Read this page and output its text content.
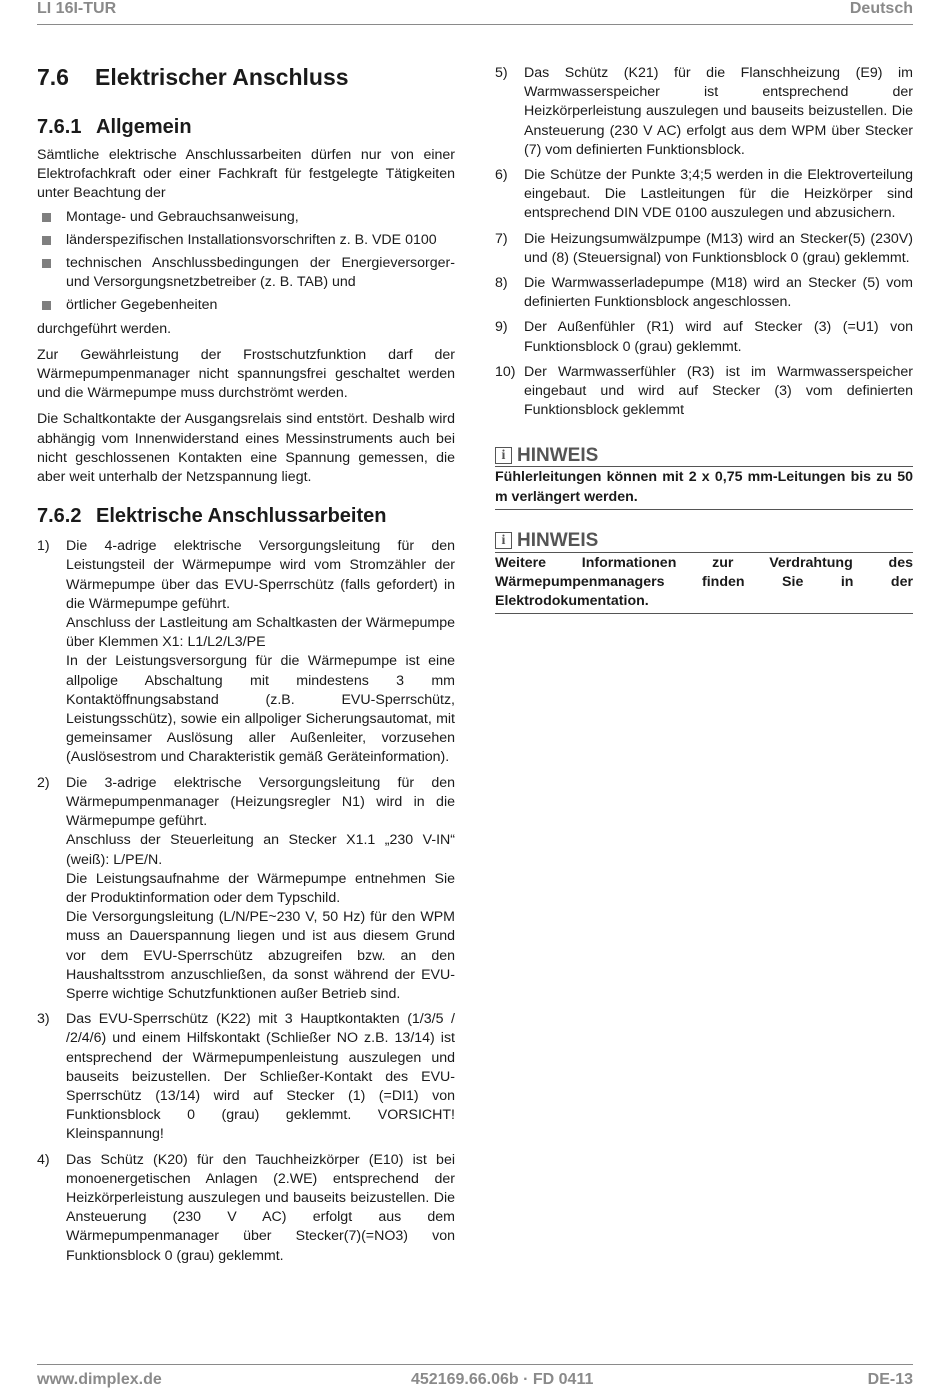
LI 16I-TUR	Deutsch
7.6 Elektrischer Anschluss
7.6.1 Allgemein

Sämtliche elektrische Anschlussarbeiten dürfen nur von einer Elektrofachkraft oder einer Fachkraft für festgelegte Tätigkeiten unter Beachtung der

Montage- und Gebrauchsanweisung,
länderspezifischen Installationsvorschriften z. B. VDE 0100
technischen Anschlussbedingungen der Energieversorger- und Versorgungsnetzbetreiber (z. B. TAB) und
örtlicher Gegebenheiten

durchgeführt werden.

Zur Gewährleistung der Frostschutzfunktion darf der Wärmepumpenmanager nicht spannungsfrei geschaltet werden und die Wärmepumpe muss durchströmt werden.

Die Schaltkontakte der Ausgangsrelais sind entstört. Deshalb wird abhängig vom Innenwiderstand eines Messinstruments auch bei nicht geschlossenen Kontakten eine Spannung gemessen, die aber weit unterhalb der Netzspannung liegt.

7.6.2 Elektrische Anschlussarbeiten
1) Die 4-adrige elektrische Versorgungsleitung für den Leistungsteil der Wärmepumpe wird vom Stromzähler der Wärmepumpe über das EVU-Sperrschütz (falls gefordert) in die Wärmepumpe geführt.
Anschluss der Lastleitung am Schaltkasten der Wärmepumpe über Klemmen X1: L1/L2/L3/PE
In der Leistungsversorgung für die Wärmepumpe ist eine allpolige Abschaltung mit mindestens 3 mm Kontaktöffnungsabstand (z.B. EVU-Sperrschütz, Leistungsschütz), sowie ein allpoliger Sicherungsautomat, mit gemeinsamer Auslösung aller Außenleiter, vorzusehen (Auslösestrom und Charakteristik gemäß Geräteinformation).
2) Die 3-adrige elektrische Versorgungsleitung für den Wärmepumpenmanager (Heizungsregler N1) wird in die Wärmepumpe geführt.
Anschluss der Steuerleitung an Stecker X1.1 „230 V-IN“ (weiß): L/PE/N.
Die Leistungsaufnahme der Wärmepumpe entnehmen Sie der Produktinformation oder dem Typschild.
Die Versorgungsleitung (L/N/PE~230 V, 50 Hz) für den WPM muss an Dauerspannung liegen und ist aus diesem Grund vor dem EVU-Sperrschütz abzugreifen bzw. an den Haushaltsstrom anzuschließen, da sonst während der EVU-Sperre wichtige Schutzfunktionen außer Betrieb sind.
3) Das EVU-Sperrschütz (K22) mit 3 Hauptkontakten (1/3/5 / /2/4/6) und einem Hilfskontakt (Schließer NO z.B. 13/14) ist entsprechend der Wärmepumpenleistung auszulegen und bauseits beizustellen. Der Schließer-Kontakt des EVU-Sperrschütz (13/14) wird auf Stecker (1) (=DI1) von Funktionsblock 0 (grau) geklemmt. VORSICHT! Kleinspannung!
4) Das Schütz (K20) für den Tauchheizkörper (E10) ist bei monoenergetischen Anlagen (2.WE) entsprechend der Heizkörperleistung auszulegen und bauseits beizustellen. Die Ansteuerung (230 V AC) erfolgt aus dem Wärmepumpenmanager über Stecker(7)(=NO3) von Funktionsblock 0 (grau) geklemmt.
5) Das Schütz (K21) für die Flanschheizung (E9) im Warmwasserspeicher ist entsprechend der Heizkörperleistung auszulegen und bauseits beizustellen. Die Ansteuerung (230 V AC) erfolgt aus dem WPM über Stecker (7) vom definierten Funktionsblock.
6) Die Schütze der Punkte 3;4;5 werden in die Elektroverteilung eingebaut. Die Lastleitungen für die Heizkörper sind entsprechend DIN VDE 0100 auszulegen und abzusichern.
7) Die Heizungsumwälzpumpe (M13) wird an Stecker(5) (230V) und (8) (Steuersignal) von Funktionsblock 0 (grau) geklemmt.
8) Die Warmwasserladepumpe (M18) wird an Stecker (5) vom definierten Funktionsblock angeschlossen.
9) Der Außenfühler (R1) wird auf Stecker (3) (=U1) von Funktionsblock 0 (grau) geklemmt.
10) Der Warmwasserfühler (R3) ist im Warmwasserspeicher eingebaut und wird auf Stecker (3) vom definierten Funktionsblock geklemmt
i HINWEIS
Fühlerleitungen können mit 2 x 0,75 mm-Leitungen bis zu 50 m verlängert werden.
i HINWEIS
Weitere Informationen zur Verdrahtung des Wärmepumpenmanagers finden Sie in der Elektrodokumentation.
www.dimplex.de	452169.66.06b · FD 0411	DE-13
